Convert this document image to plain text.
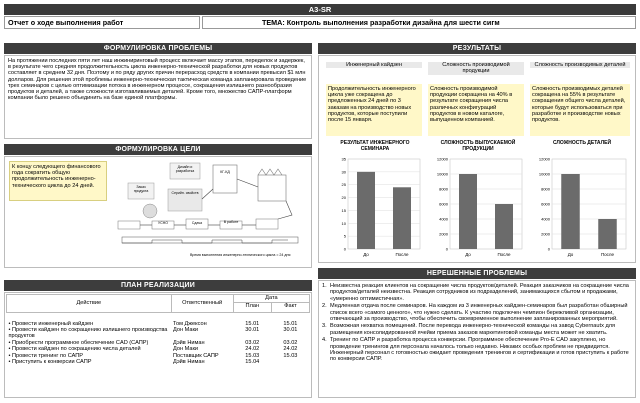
A3-SR
Отчет о ходе выполнения работ	ТЕМА: Контроль выполнения разработки дизайна для шести сигм
ФОРМУЛИРОВКА ПРОБЛЕМЫ
На протяжении последних пяти лет наш инжиниринговый процесс включает массу этапов, переделок и задержек, в результате чего средняя продолжительность цикла инженерно-технической разработки для новых продуктов составляет в среднем 32 дня. Поэтому и по ряду других причин перерасход средств в компании превысил $1 млн долларов. Для решения этой проблемы инженерно-техническая тактическая команда запланировала проведение трех семинаров с целью оптимизации потока в инженерном процессе, сокращения излишнего разнообразия продуктов и деталей, а также сложности изготавливаемых деталей. Кроме того, множество САПР-платформ компании было решено объединить на базе единой платформы.
ФОРМУЛИРОВКА ЦЕЛИ
К концу следующего финансового года сократить общую продолжительность инженерно-технического цикла до 24 дней.
Дизайн и разработка
Заказ продукта	Серийн. свойств
КГ-КД
УСНО	Сдача	В работе
Время выполнения инженерно-технического цикла = 24 дня
ПЛАН РЕАЛИЗАЦИИ
Действие	Ответственный	Дата	
		План	Факт

• Провести инженерный кайдзен	Том Джексон	15.01	15.01
• Провести кайдзен по сокращению излишнего производства продуктов	Дон Маки	30.01	30.01
• Приобрести программное обеспечение CAD (САПР)	Дэйв Ниман	03.02	03.02
• Провести кайдзен по сокращению числа деталей	Дон Маки	24.02	24.02
• Провести тренинг по САПР	Поставщик САПР	15.03	15.03
• Приступить к конверсии САПР	Дэйв Ниман	15.04	
РЕЗУЛЬТАТЫ
Инженерный кайдзен	Сложность производимой продукции
Сложность производимых деталей
Продолжительность инженерного цикла уже сокращена до предложенных 24 дней по 3 заказам на производство новых продуктов, которые поступили после 15 января.
Сложность производимой продукции сокращена на 40% в результате сокращения числа различных конфигураций продуктов в новом каталоге, выпущенном компанией.
Сложность производимых деталей сокращена на 55% в результате сокращения общего числа деталей, которые будут использоваться при разработке и производстве новых продуктов.
РЕЗУЛЬТАТ ИНЖЕНЕРНОГО СЕМИНАРА
СЛОЖНОСТЬ ВЫПУСКАЕМОЙ ПРОДУКЦИИ
СЛОЖНОСТЬ ДЕТАЛЕЙ
35
30
25
20
15
10
5
0
До	После
12000
10000
8000
6000
4000
2000
0
До	После
12000
10000
8000
6000
4000
2000
0
До	После
НЕРЕШЕННЫЕ ПРОБЛЕМЫ
1. Неизвестна реакция клиентов на сокращение числа продуктов/деталей. Реакция заказчиков на сокращение числа продуктов/деталей неизвестна. Реакция сотрудников из подразделений, занимающихся сбытом и продажами, «умеренно оптимистичная».
2. Медленная отдача после семинаров. На каждом из 3 инженерных кайдзен-семинаров был разработан обширный список всего «самого ценного», что нужно сделать. К участию подключен чемпион бережливой организации, отвечающий за производство, чтобы обеспечить своевременное выполнение запланированных мероприятий.
3. Возможная нехватка помещений. После перевода инженерно-технической команды на завод Cybernautx для размещения консолидированной ячейки приема заказов маркетинговой команды места может не хватить.
4. Тренинг по САПР и разработка процесса конверсии. Программное обеспечение Pro-E CAD закуплено, но проведение тренингов для персонала началось только недавно. Никаких особых проблем не предвидится. Инженерный персонал с готовностью ожидает проведения тренингов и сертификации и готов приступить к работе по конверсии САПР.
